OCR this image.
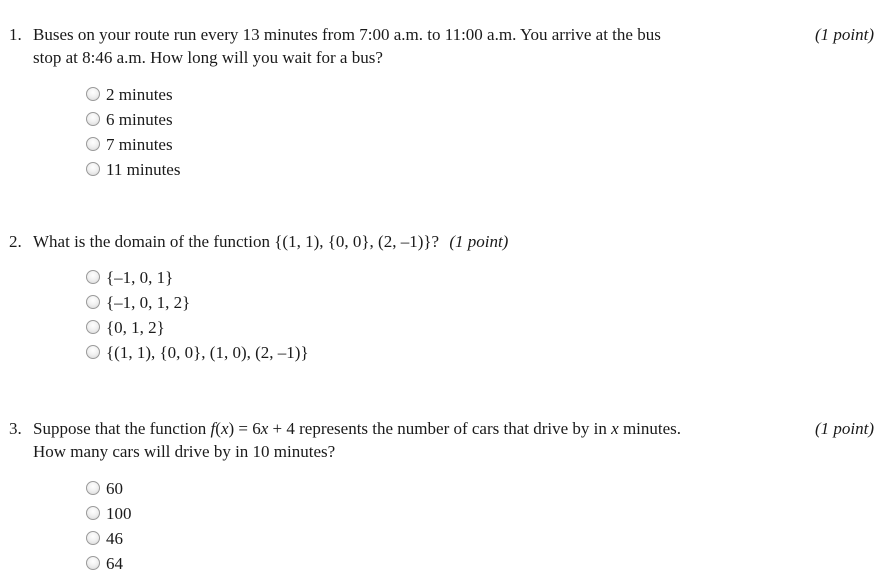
1. Buses on your route run every 13 minutes from 7:00 a.m. to 11:00 a.m. You arrive at the bus	(1 point)
stop at 8:46 a.m. How long will you wait for a bus?
2 minutes
6 minutes
7 minutes
11 minutes
2. What is the domain of the function {(1, 1), {0, 0}, (2, –1)}? (1 point)
{–1, 0, 1}
{–1, 0, 1, 2}
{0, 1, 2}
{(1, 1), {0, 0}, (1, 0), (2, –1)}
3. Suppose that the function f(x) = 6x + 4 represents the number of cars that drive by in x minutes.	(1 point)
How many cars will drive by in 10 minutes?
60
100
46
64
